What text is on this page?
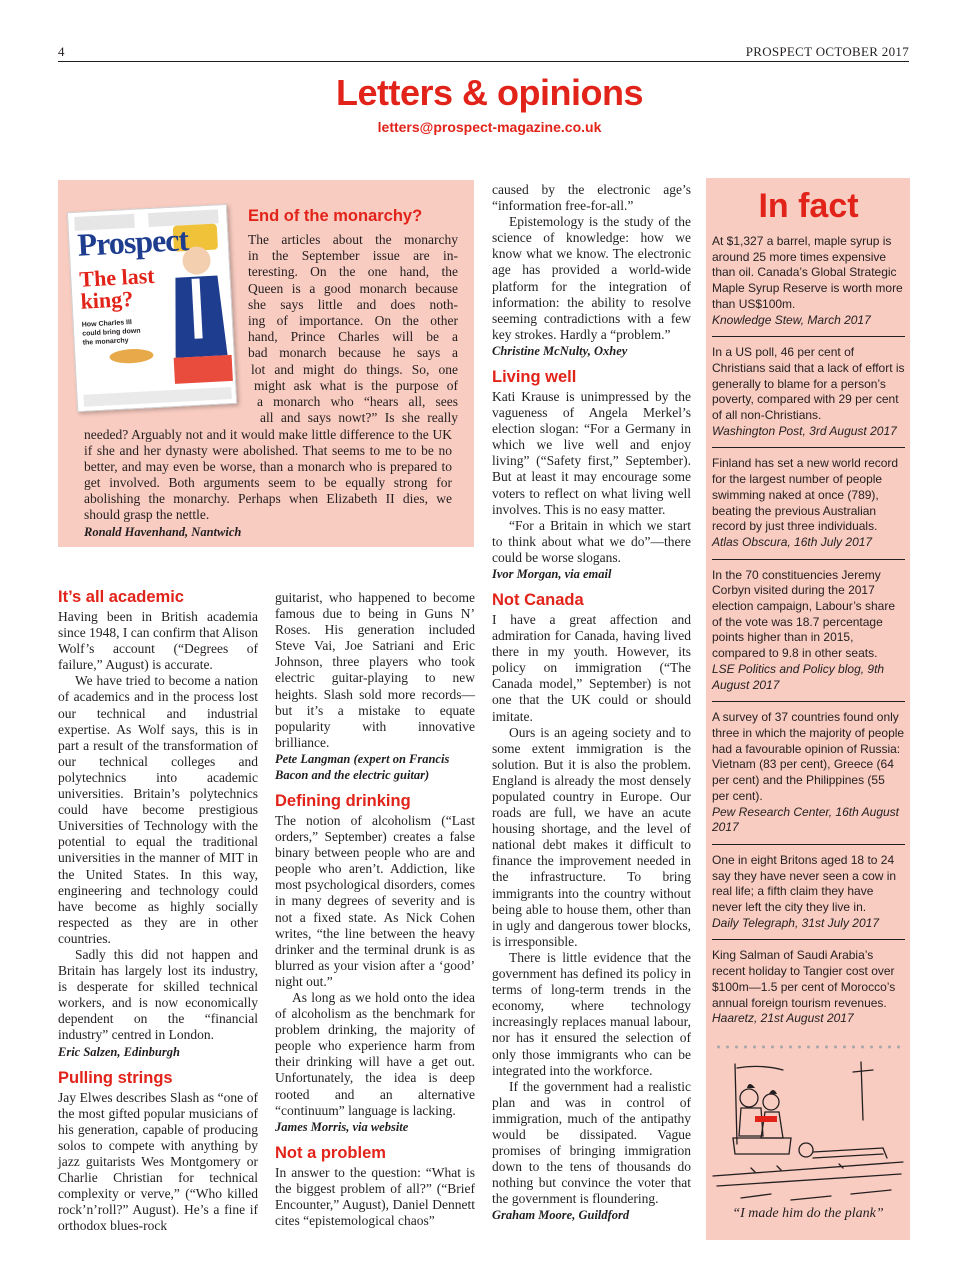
4	PROSPECT OCTOBER 2017
Letters & opinions
letters@prospect-magazine.co.uk
End of the monarchy?
The articles about the monarchy
in the September issue are in-
teresting. On the one hand, the
Queen is a good monarch because
she says little and does noth-
ing of importance. On the other
hand, Prince Charles will be a
bad monarch because he says a
lot and might do things. So, one
might ask what is the purpose of
a monarch who “hears all, sees
all and says nowt?” Is she really

needed? Arguably not and it would make little difference to the UK if she and her dynasty were abolished. That seems to me to be no better, and may even be worse, than a monarch who is prepared to get involved. Both arguments seem to be equally strong for abolishing the monarchy. Perhaps when Elizabeth II dies, we should grasp the nettle.

Ronald Havenhand, Nantwich
Prospect
The last
king?
How Charles III could bring down the monarchy
It’s all academic

Having been in British academia since 1948, I can confirm that Alison Wolf’s account (“Degrees of failure,” August) is accurate.

We have tried to become a nation of academics and in the process lost our technical and industrial expertise. As Wolf says, this is in part a result of the transformation of our technical colleges and polytechnics into academic universities. Britain’s polytechnics could have become prestigious Universities of Technology with the potential to equal the traditional universities in the manner of MIT in the United States. In this way, engineering and technology could have become as highly socially respected as they are in other countries.

Sadly this did not happen and Britain has largely lost its industry, is desperate for skilled technical workers, and is now economically dependent on the “financial industry” centred in London.

Eric Salzen, Edinburgh
Pulling strings

Jay Elwes describes Slash as “one of the most gifted popular musicians of his generation, capable of producing solos to compete with anything by jazz guitarists Wes Montgomery or Charlie Christian for technical complexity or verve,” (“Who killed rock’n’roll?” August). He’s a fine if orthodox blues-rock

guitarist, who happened to become famous due to being in Guns N’ Roses. His generation included Steve Vai, Joe Satriani and Eric Johnson, three players who took electric guitar-playing to new heights. Slash sold more records—but it’s a mistake to equate popularity with innovative brilliance.

Pete Langman (expert on Francis Bacon and the electric guitar)
Defining drinking

The notion of alcoholism (“Last orders,” September) creates a false binary between people who are and people who aren’t. Addiction, like most psychological disorders, comes in many degrees of severity and is not a fixed state. As Nick Cohen writes, “the line between the heavy drinker and the terminal drunk is as blurred as your vision after a ‘good’ night out.”

As long as we hold onto the idea of alcoholism as the benchmark for problem drinking, the majority of people who experience harm from their drinking will have a get out. Unfortunately, the idea is deep rooted and an alternative “continuum” language is lacking.

James Morris, via website
Not a problem

In answer to the question: “What is the biggest problem of all?” (“Brief Encounter,” August), Daniel Dennett cites “epistemological chaos”

caused by the electronic age’s “information free-for-all.”

Epistemology is the study of the science of knowledge: how we know what we know. The electronic age has provided a world-wide platform for the integration of information: the ability to resolve seeming contradictions with a few key strokes. Hardly a “problem.”

Christine McNulty, Oxhey
Living well

Kati Krause is unimpressed by the vagueness of Angela Merkel’s election slogan: “For a Germany in which we live well and enjoy living” (“Safety first,” September). But at least it may encourage some voters to reflect on what living well involves. This is no easy matter.

“For a Britain in which we start to think about what we do”—there could be worse slogans.

Ivor Morgan, via email
Not Canada

I have a great affection and admiration for Canada, having lived there in my youth. However, its policy on immigration (“The Canada model,” September) is not one that the UK could or should imitate.

Ours is an ageing society and to some extent immigration is the solution. But it is also the problem. England is already the most densely populated country in Europe. Our roads are full, we have an acute housing shortage, and the level of national debt makes it difficult to finance the improvement needed in the infrastructure. To bring immigrants into the country without being able to house them, other than in ugly and dangerous tower blocks, is irresponsible.

There is little evidence that the government has defined its policy in terms of long-term trends in the economy, where technology increasingly replaces manual labour, nor has it ensured the selection of only those immigrants who can be integrated into the workforce.

If the government had a realistic plan and was in control of immigration, much of the antipathy would be dissipated. Vague promises of bringing immigration down to the tens of thousands do nothing but convince the voter that the government is floundering.

Graham Moore, Guildford
In fact
At $1,327 a barrel, maple syrup is around 25 more times expensive than oil. Canada’s Global Strategic Maple Syrup Reserve is worth more than US$100m.
Knowledge Stew, March 2017
In a US poll, 46 per cent of Christians said that a lack of effort is generally to blame for a person’s poverty, compared with 29 per cent of all non-Christians.
Washington Post, 3rd August 2017
Finland has set a new world record for the largest number of people swimming naked at once (789), beating the previous Australian record by just three individuals.
Atlas Obscura, 16th July 2017
In the 70 constituencies Jeremy Corbyn visited during the 2017 election campaign, Labour’s share of the vote was 18.7 percentage points higher than in 2015, compared to 9.8 in other seats.
LSE Politics and Policy blog, 9th August 2017
A survey of 37 countries found only three in which the majority of people had a favourable opinion of Russia: Vietnam (83 per cent), Greece (64 per cent) and the Philippines (55 per cent).
Pew Research Center, 16th August 2017
One in eight Britons aged 18 to 24 say they have never seen a cow in real life; a fifth claim they have never left the city they live in.
Daily Telegraph, 31st July 2017
King Salman of Saudi Arabia’s recent holiday to Tangier cost over $100m—1.5 per cent of Morocco’s annual foreign tourism revenues.
Haaretz, 21st August 2017
“I made him do the plank”
